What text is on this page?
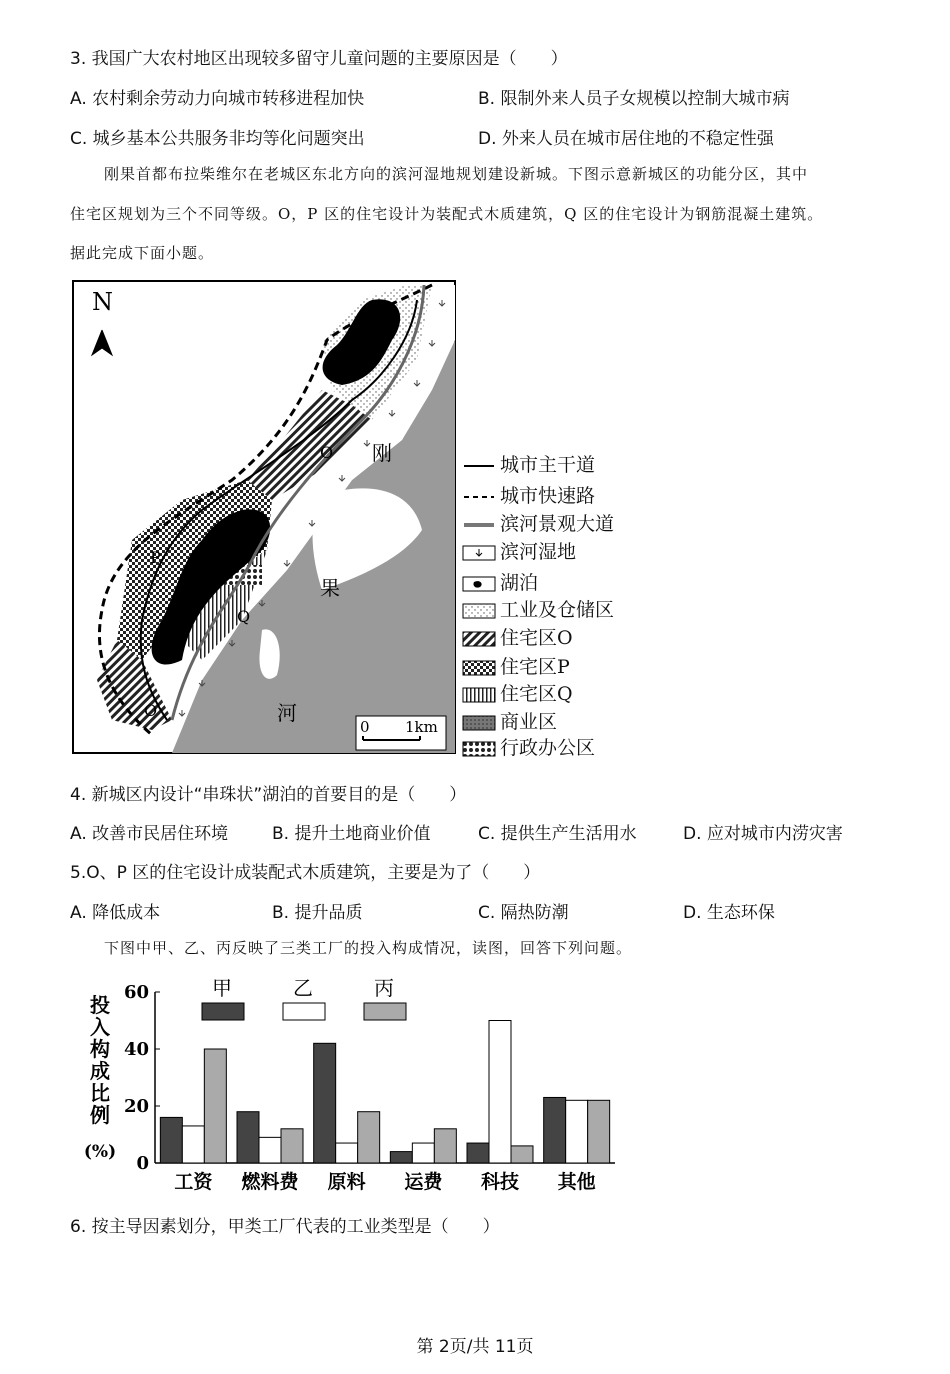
3. 我国广大农村地区出现较多留守儿童问题的主要原因是（　　）
A. 农村剩余劳动力向城市转移进程加快	B. 限制外来人员子女规模以控制大城市病
C. 城乡基本公共服务非均等化问题突出	D. 外来人员在城市居住地的不稳定性强
刚果首都布拉柴维尔在老城区东北方向的滨河湿地规划建设新城。下图示意新城区的功能分区，其中
住宅区规划为三个不同等级。O，P 区的住宅设计为装配式木质建筑，Q 区的住宅设计为钢筋混凝土建筑。
据此完成下面小题。
N
刚
果
河
O
P
Q
O
0 1km
城市主干道
城市快速路
滨河景观大道
滨河湿地
湖泊
工业及仓储区
住宅区O
住宅区P
住宅区Q
商业区
行政办公区
4. 新城区内设计“串珠状”湖泊的首要目的是（　　）
A. 改善市民居住环境	B. 提升土地商业价值	C. 提供生产生活用水	D. 应对城市内涝灾害
5.O、P 区的住宅设计成装配式木质建筑，主要是为了（　　）
A. 降低成本	B. 提升品质	C. 隔热防潮	D. 生态环保
下图中甲、乙、丙反映了三类工厂的投入构成情况，读图，回答下列问题。
投
入
构
成
比
例
(%)
甲	乙	丙
60
40
20
0
工资 燃料费 原料 运费 科技 其他
6. 按主导因素划分，甲类工厂代表的工业类型是（　　）
第 2页/共 11页
